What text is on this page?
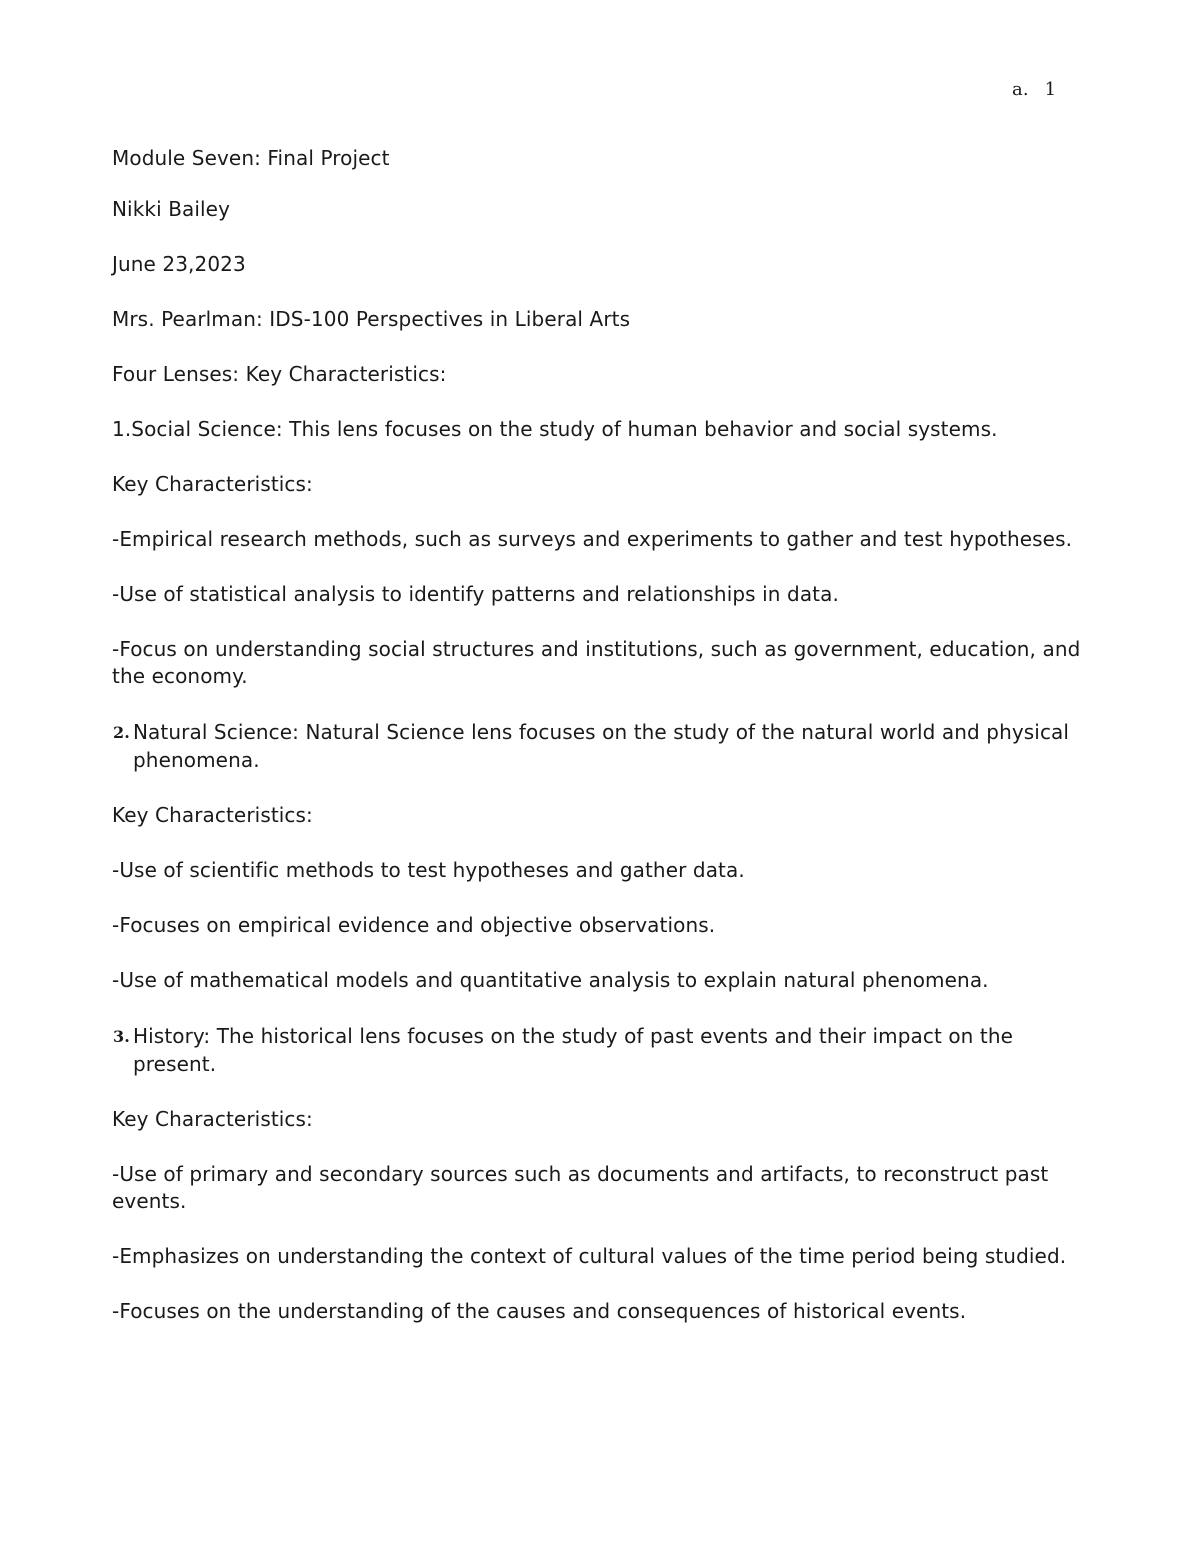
a. 1

Module Seven: Final Project

Nikki Bailey

June 23,2023

Mrs. Pearlman: IDS-100 Perspectives in Liberal Arts

Four Lenses: Key Characteristics:

1.Social Science: This lens focuses on the study of human behavior and social systems.

Key Characteristics:

-Empirical research methods, such as surveys and experiments to gather and test hypotheses.

-Use of statistical analysis to identify patterns and relationships in data.

-Focus on understanding social structures and institutions, such as government, education, and the economy.

2. Natural Science: Natural Science lens focuses on the study of the natural world and physical phenomena.

Key Characteristics:

-Use of scientific methods to test hypotheses and gather data.

-Focuses on empirical evidence and objective observations.

-Use of mathematical models and quantitative analysis to explain natural phenomena.

3. History: The historical lens focuses on the study of past events and their impact on the present.

Key Characteristics:

-Use of primary and secondary sources such as documents and artifacts, to reconstruct past events.

-Emphasizes on understanding the context of cultural values of the time period being studied.

-Focuses on the understanding of the causes and consequences of historical events.
